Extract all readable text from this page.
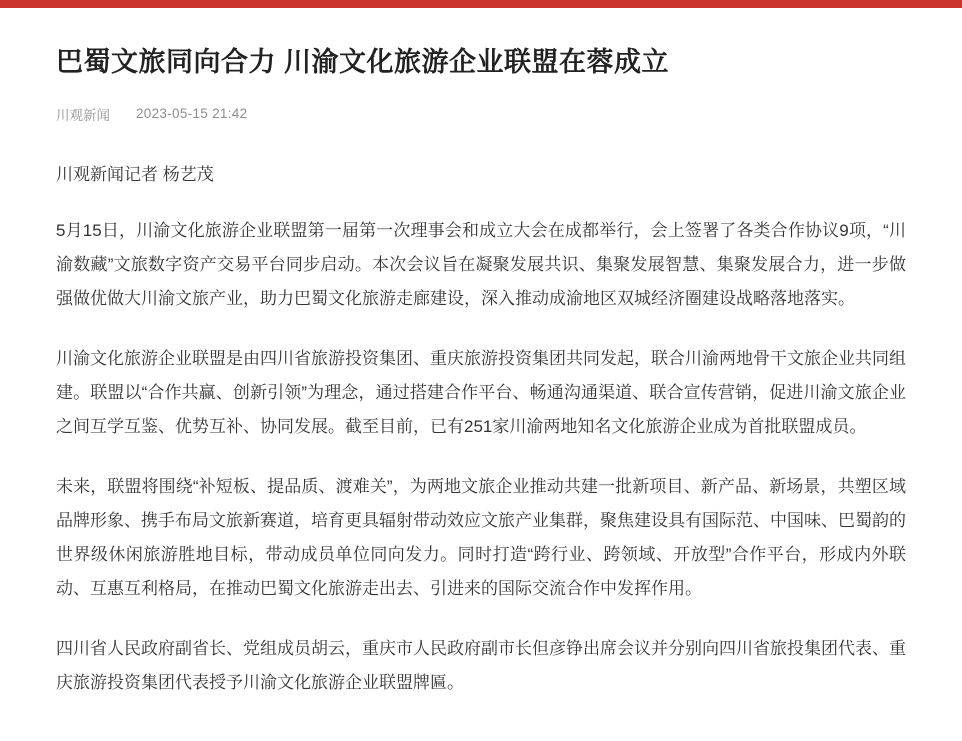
巴蜀文旅同向合力 川渝文化旅游企业联盟在蓉成立
川观新闻 2023-05-15 21:42
川观新闻记者 杨艺茂

5月15日，川渝文化旅游企业联盟第一届第一次理事会和成立大会在成都举行，会上签署了各类合作协议9项，“川渝数藏”文旅数字资产交易平台同步启动。本次会议旨在凝聚发展共识、集聚发展智慧、集聚发展合力，进一步做强做优做大川渝文旅产业，助力巴蜀文化旅游走廊建设，深入推动成渝地区双城经济圈建设战略落地落实。

川渝文化旅游企业联盟是由四川省旅游投资集团、重庆旅游投资集团共同发起，联合川渝两地骨干文旅企业共同组建。联盟以“合作共赢、创新引领”为理念，通过搭建合作平台、畅通沟通渠道、联合宣传营销，促进川渝文旅企业之间互学互鉴、优势互补、协同发展。截至目前，已有251家川渝两地知名文化旅游企业成为首批联盟成员。

未来，联盟将围绕“补短板、提品质、渡难关”，为两地文旅企业推动共建一批新项目、新产品、新场景，共塑区域品牌形象、携手布局文旅新赛道，培育更具辐射带动效应文旅产业集群，聚焦建设具有国际范、中国味、巴蜀韵的世界级休闲旅游胜地目标，带动成员单位同向发力。同时打造“跨行业、跨领域、开放型”合作平台，形成内外联动、互惠互利格局，在推动巴蜀文化旅游走出去、引进来的国际交流合作中发挥作用。

四川省人民政府副省长、党组成员胡云，重庆市人民政府副市长但彦铮出席会议并分别向四川省旅投集团代表、重庆旅游投资集团代表授予川渝文化旅游企业联盟牌匾。
